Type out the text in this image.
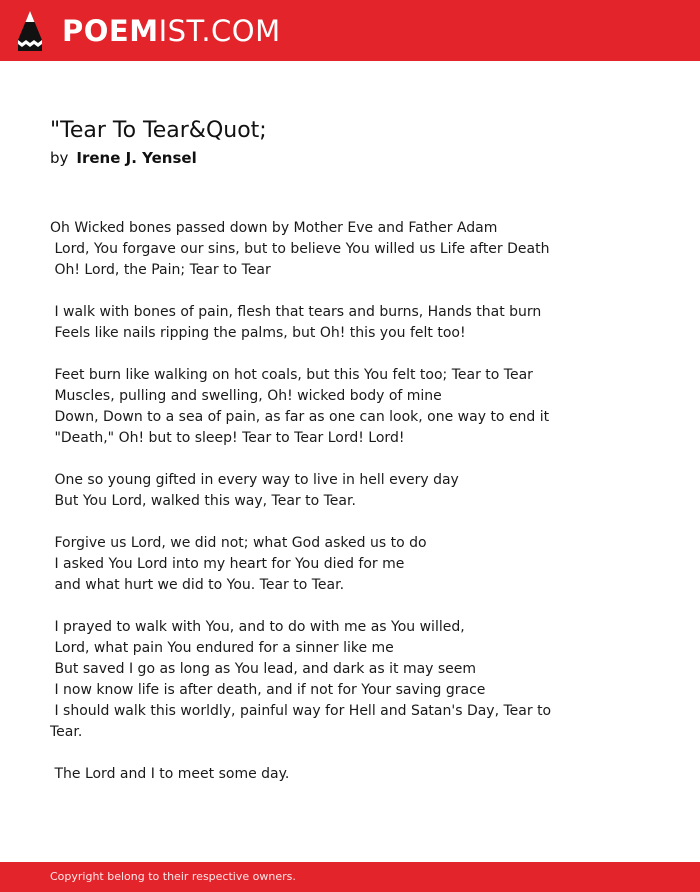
POEMIST.COM
"Tear To Tear&Quot;
by Irene J. Yensel
Oh Wicked bones passed down by Mother Eve and Father Adam
Lord, You forgave our sins, but to believe You willed us Life after Death
Oh! Lord, the Pain; Tear to Tear
I walk with bones of pain, flesh that tears and burns, Hands that burn
Feels like nails ripping the palms, but Oh! this you felt too!
Feet burn like walking on hot coals, but this You felt too; Tear to Tear
Muscles, pulling and swelling, Oh! wicked body of mine
Down, Down to a sea of pain, as far as one can look, one way to end it
"Death," Oh! but to sleep! Tear to Tear Lord! Lord!
One so young gifted in every way to live in hell every day
But You Lord, walked this way, Tear to Tear.
Forgive us Lord, we did not; what God asked us to do
I asked You Lord into my heart for You died for me
and what hurt we did to You. Tear to Tear.
I prayed to walk with You, and to do with me as You willed,
Lord, what pain You endured for a sinner like me
But saved I go as long as You lead, and dark as it may seem
I now know life is after death, and if not for Your saving grace
I should walk this worldly, painful way for Hell and Satan's Day, Tear to
Tear.
The Lord and I to meet some day.
Copyright belong to their respective owners.
